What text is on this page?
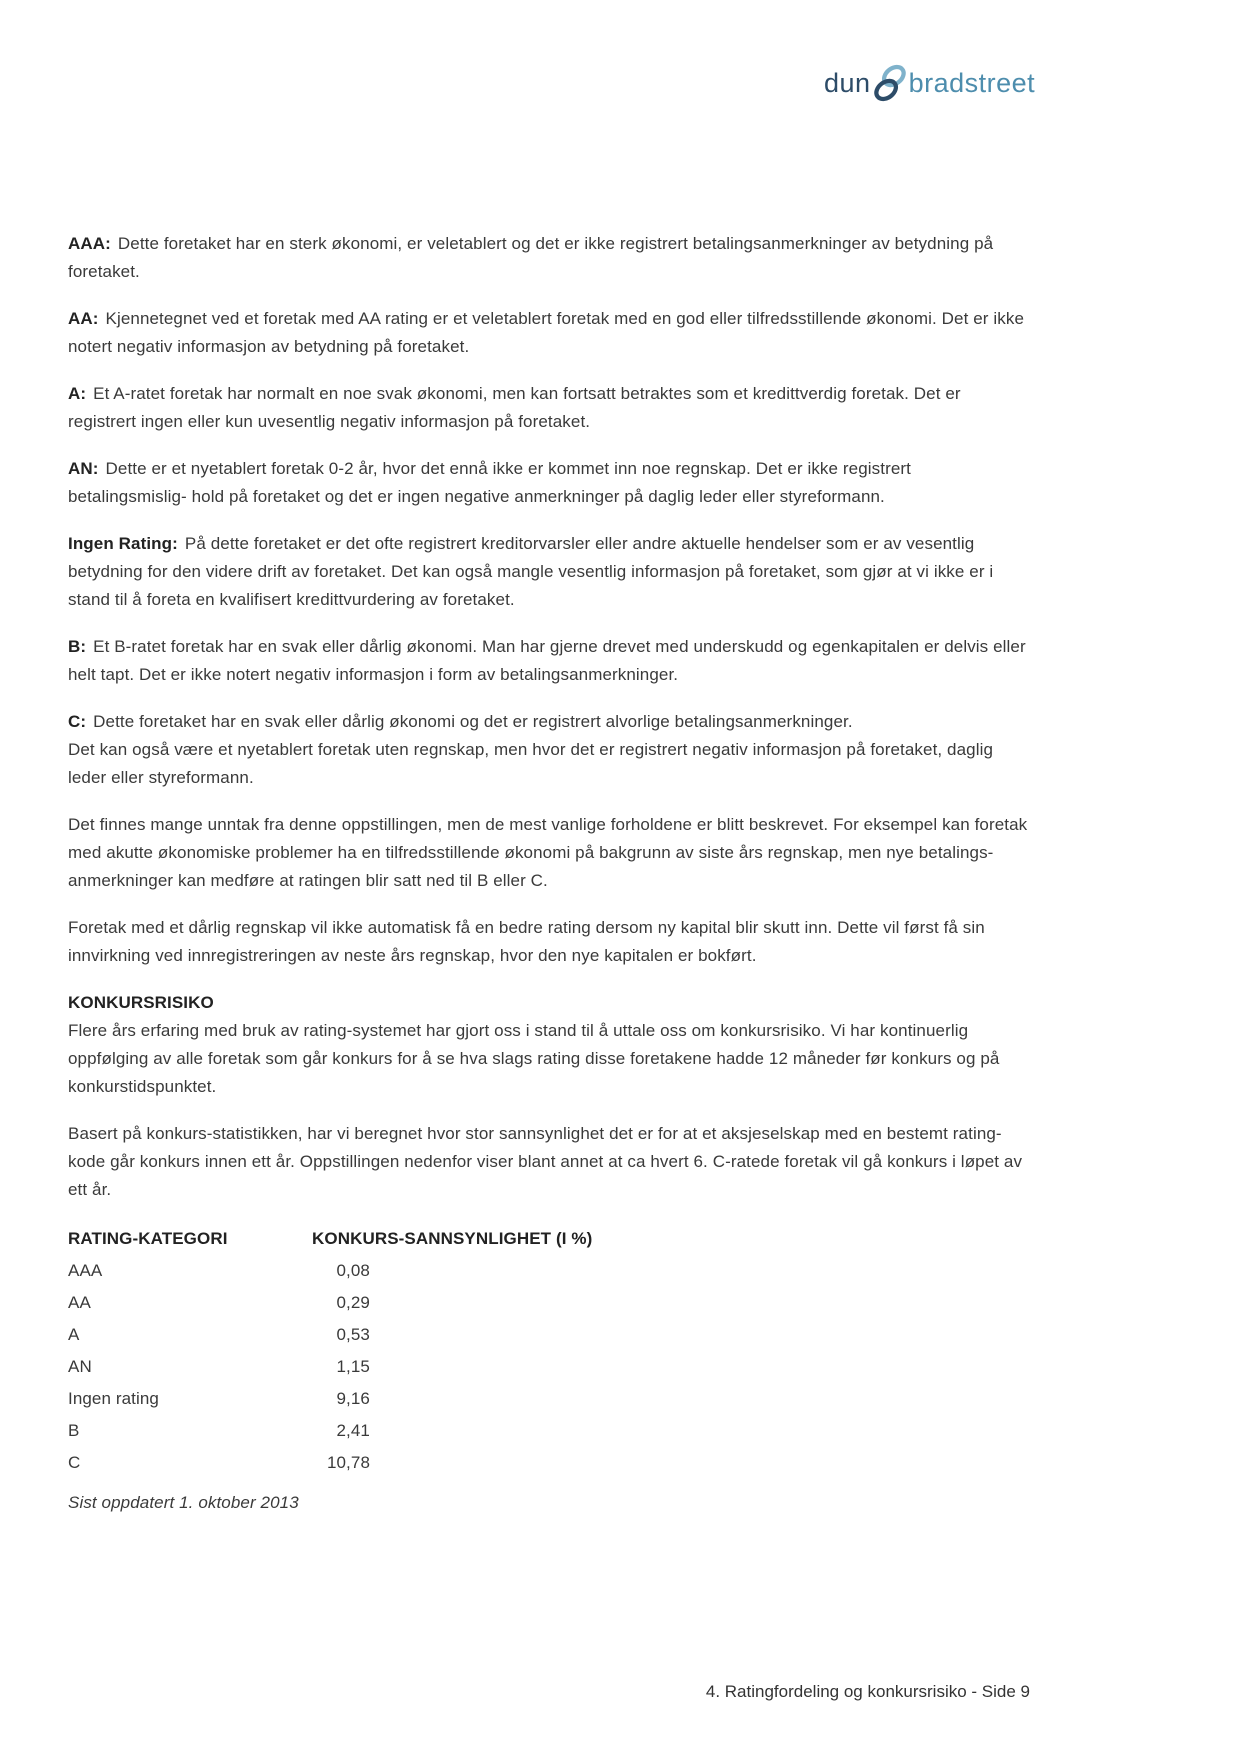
dun bradstreet

AAA: Dette foretaket har en sterk økonomi, er veletablert og det er ikke registrert betalingsanmerkninger av betydning på foretaket.

AA: Kjennetegnet ved et foretak med AA rating er et veletablert foretak med en god eller tilfredsstillende økonomi. Det er ikke notert negativ informasjon av betydning på foretaket.

A: Et A-ratet foretak har normalt en noe svak økonomi, men kan fortsatt betraktes som et kredittverdig foretak. Det er registrert ingen eller kun uvesentlig negativ informasjon på foretaket.

AN: Dette er et nyetablert foretak 0-2 år, hvor det ennå ikke er kommet inn noe regnskap. Det er ikke registrert betalingsmislig- hold på foretaket og det er ingen negative anmerkninger på daglig leder eller styreformann.

Ingen Rating: På dette foretaket er det ofte registrert kreditorvarsler eller andre aktuelle hendelser som er av vesentlig betydning for den videre drift av foretaket. Det kan også mangle vesentlig informasjon på foretaket, som gjør at vi ikke er i stand til å foreta en kvalifisert kredittvurdering av foretaket.

B: Et B-ratet foretak har en svak eller dårlig økonomi. Man har gjerne drevet med underskudd og egenkapitalen er delvis eller helt tapt. Det er ikke notert negativ informasjon i form av betalingsanmerkninger.

C: Dette foretaket har en svak eller dårlig økonomi og det er registrert alvorlige betalingsanmerkninger.
Det kan også være et nyetablert foretak uten regnskap, men hvor det er registrert negativ informasjon på foretaket, daglig leder eller styreformann.

Det finnes mange unntak fra denne oppstillingen, men de mest vanlige forholdene er blitt beskrevet. For eksempel kan foretak med akutte økonomiske problemer ha en tilfredsstillende økonomi på bakgrunn av siste års regnskap, men nye betalings- anmerkninger kan medføre at ratingen blir satt ned til B eller C.

Foretak med et dårlig regnskap vil ikke automatisk få en bedre rating dersom ny kapital blir skutt inn. Dette vil først få sin innvirkning ved innregistreringen av neste års regnskap, hvor den nye kapitalen er bokført.

KONKURSRISIKO
Flere års erfaring med bruk av rating-systemet har gjort oss i stand til å uttale oss om konkursrisiko. Vi har kontinuerlig oppfølging av alle foretak som går konkurs for å se hva slags rating disse foretakene hadde 12 måneder før konkurs og på konkurstidspunktet.

Basert på konkurs-statistikken, har vi beregnet hvor stor sannsynlighet det er for at et aksjeselskap med en bestemt rating-kode går konkurs innen ett år. Oppstillingen nedenfor viser blant annet at ca hvert 6. C-ratede foretak vil gå konkurs i løpet av ett år.

RATING-KATEGORI	KONKURS-SANNSYNLIGHET (I %)
AAA	0,08
AA	0,29
A	0,53
AN	1,15
Ingen rating	9,16
B	2,41
C	10,78
Sist oppdatert 1. oktober 2013
4. Ratingfordeling og konkursrisiko - Side 9
